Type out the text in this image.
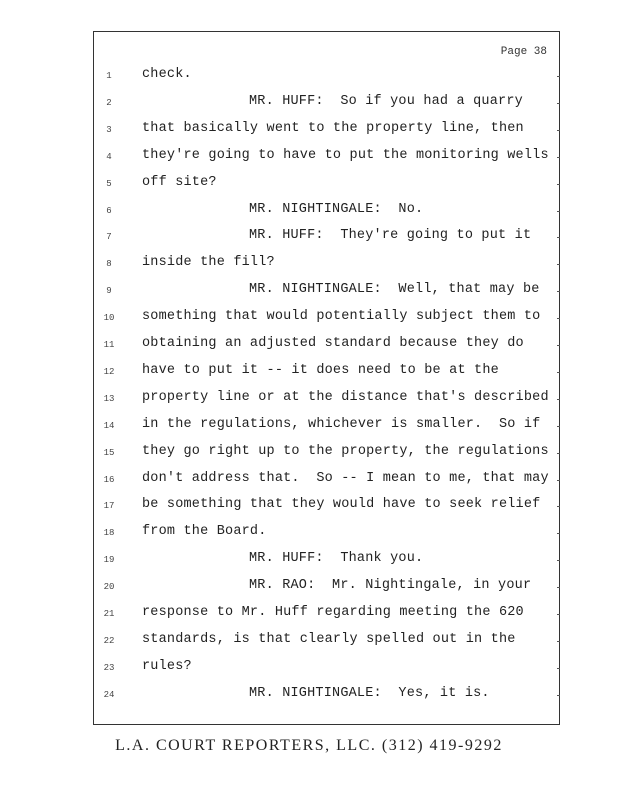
Page 38
1	check.
2	MR. HUFF:  So if you had a quarry
3	that basically went to the property line, then
4	they're going to have to put the monitoring wells
5	off site?
6	MR. NIGHTINGALE:  No.
7	MR. HUFF:  They're going to put it
8	inside the fill?
9	MR. NIGHTINGALE:  Well, that may be
10	something that would potentially subject them to
11	obtaining an adjusted standard because they do
12	have to put it -- it does need to be at the
13	property line or at the distance that's described
14	in the regulations, whichever is smaller.  So if
15	they go right up to the property, the regulations
16	don't address that.  So -- I mean to me, that may
17	be something that they would have to seek relief
18	from the Board.
19	MR. HUFF:  Thank you.
20	MR. RAO:  Mr. Nightingale, in your
21	response to Mr. Huff regarding meeting the 620
22	standards, is that clearly spelled out in the
23	rules?
24	MR. NIGHTINGALE:  Yes, it is.
L.A. COURT REPORTERS, LLC. (312) 419-9292
